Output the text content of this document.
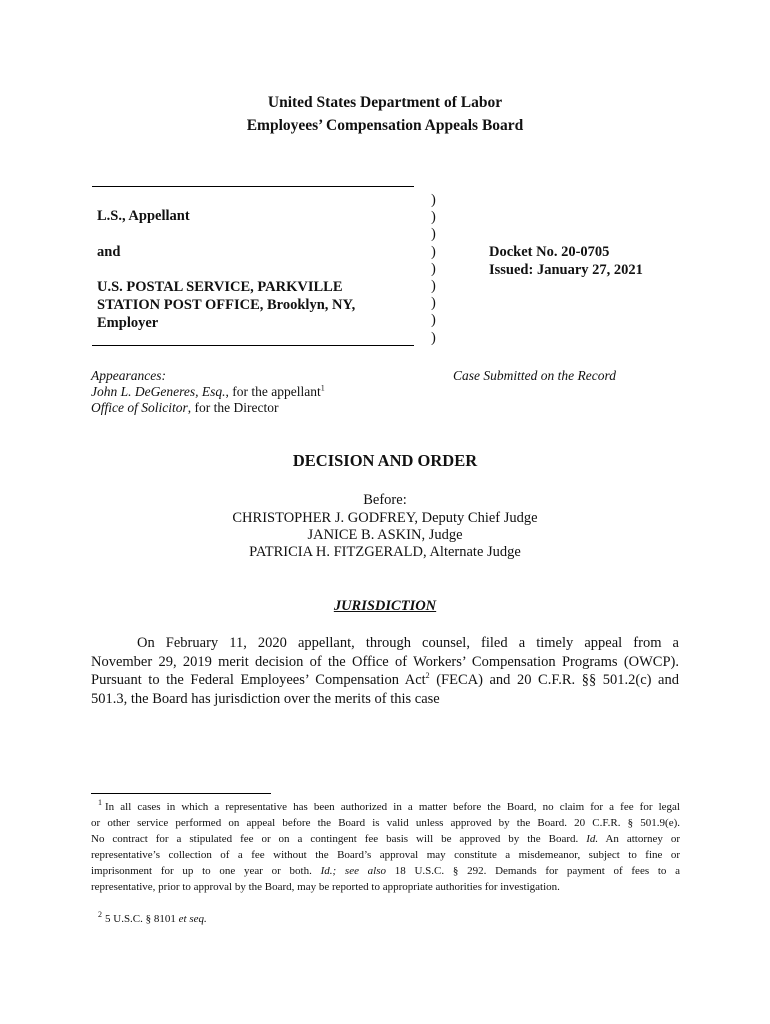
United States Department of Labor
Employees’ Compensation Appeals Board
L.S., Appellant
and
U.S. POSTAL SERVICE, PARKVILLE
STATION POST OFFICE, Brooklyn, NY,
Employer
)
)
)
)
)
)
)
)
)
Docket No. 20-0705
Issued: January 27, 2021
Appearances:
John L. DeGeneres, Esq., for the appellant$^1$
Office of Solicitor, for the Director
Case Submitted on the Record
DECISION AND ORDER
Before:
CHRISTOPHER J. GODFREY, Deputy Chief Judge
JANICE B. ASKIN, Judge
PATRICIA H. FITZGERALD, Alternate Judge
JURISDICTION
On February 11, 2020 appellant, through counsel, filed a timely appeal from a
November 29, 2019 merit decision of the Office of Workers’ Compensation Programs (OWCP).
Pursuant to the Federal Employees’ Compensation Act$^2$ (FECA) and 20 C.F.R. §§ 501.2(c) and
501.3, the Board has jurisdiction over the merits of this case
$^1$ In all cases in which a representative has been authorized in a matter before the Board, no claim for a fee for legal
or other service performed on appeal before the Board is valid unless approved by the Board. 20 C.F.R. § 501.9(e).
No contract for a stipulated fee or on a contingent fee basis will be approved by the Board. Id. An attorney or
representative’s collection of a fee without the Board’s approval may constitute a misdemeanor, subject to fine or
imprisonment for up to one year or both. Id.; see also 18 U.S.C. § 292. Demands for payment of fees to a
representative, prior to approval by the Board, may be reported to appropriate authorities for investigation.
$^2$ 5 U.S.C. § 8101 et seq.
